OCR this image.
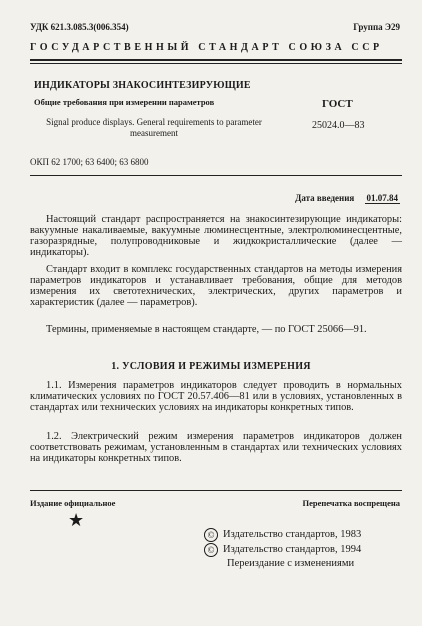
УДК 621.3.085.3(006.354)	Группа Э29
ГОСУДАРСТВЕННЫЙ СТАНДАРТ СОЮЗА ССР
ИНДИКАТОРЫ ЗНАКОСИНТЕЗИРУЮЩИЕ
Общие требования при измерении параметров
Signal produce displays. General requirements to parameter measurement
ГОСТ
25024.0—83
ОКП 62 1700; 63 6400; 63 6800
Дата введения 01.07.84

Настоящий стандарт распространяется на знакосинтезирующие индикаторы: вакуумные накаливаемые, вакуумные люминесцентные, электролюминесцентные, газоразрядные, полупроводниковые и жидкокристаллические (далее — индикаторы).

Стандарт входит в комплекс государственных стандартов на методы измерения параметров индикаторов и устанавливает требования, общие для методов измерения их светотехнических, электрических, других параметров и характеристик (далее — параметров).

Термины, применяемые в настоящем стандарте, — по ГОСТ 25066—91.

1. УСЛОВИЯ И РЕЖИМЫ ИЗМЕРЕНИЯ

1.1. Измерения параметров индикаторов следует проводить в нормальных климатических условиях по ГОСТ 20.57.406—81 или в условиях, установленных в стандартах или технических условиях на индикаторы конкретных типов.

1.2. Электрический режим измерения параметров индикаторов должен соответствовать режимам, установленным в стандартах или технических условиях на индикаторы конкретных типов.

Издание официальное	Перепечатка воспрещена
★
© Издательство стандартов, 1983
© Издательство стандартов, 1994
Переиздание с изменениями
